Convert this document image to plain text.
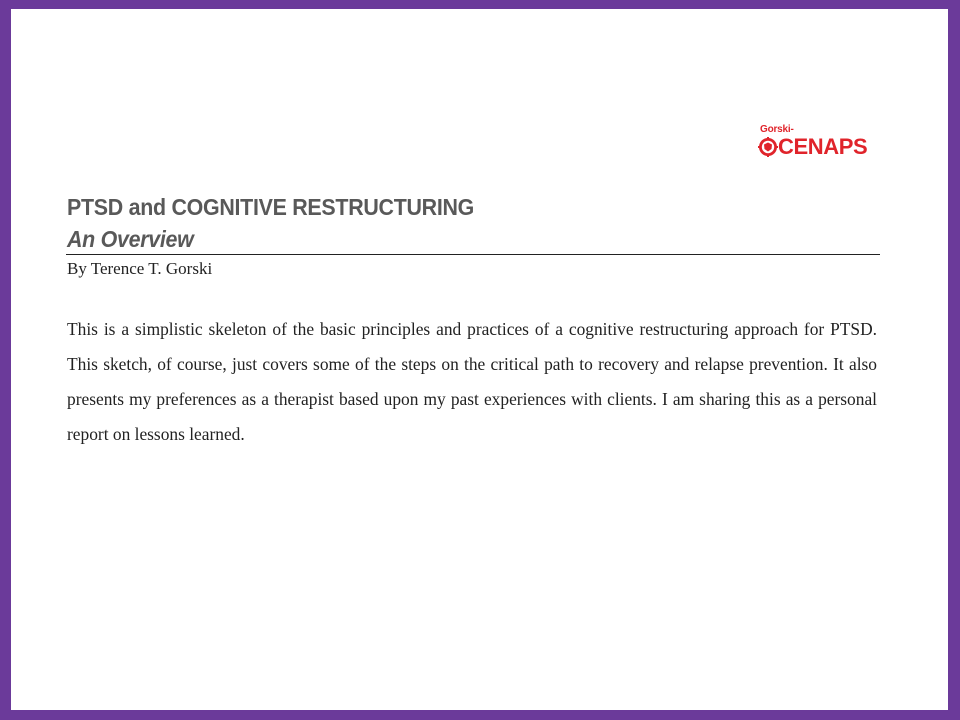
Gorski-
CENAPS
PTSD and COGNITIVE RESTRUCTURING
An Overview

By Terence T. Gorski

This is a simplistic skeleton of the basic principles and practices of a cognitive restructuring approach for PTSD. This sketch, of course, just covers some of the steps on the critical path to recovery and relapse prevention. It also presents my preferences as a therapist based upon my past experiences with clients. I am sharing this as a personal report on lessons learned.
